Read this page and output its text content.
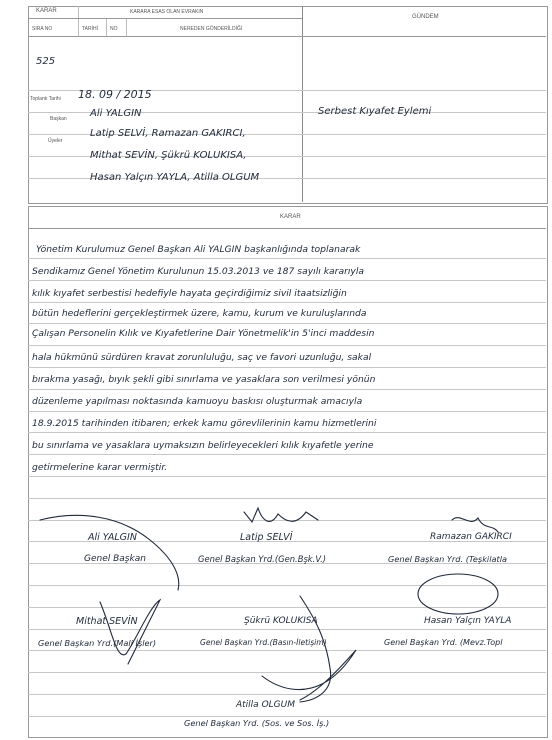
KARAR
SIRA NO
KARARA ESAS OLAN EVRAKIN
TARİHİ NO	NEREDEN GÖNDERİLDİĞİ
GÜNDEM
525
Toplantı Tarihi 18. 09 / 2015
Başkan Ali YALGIN
Üyeler
Latip SELVİ, Ramazan GAKIRCI,
Mithat SEVİN, Şükrü KOLUKISA,
Hasan Yalçın YAYLA, Atilla OLGUM
Serbest Kıyafet Eylemi
KARAR
Yönetim Kurulumuz Genel Başkan Ali YALGIN başkanlığında toplanarak
Sendikamız Genel Yönetim Kurulunun 15.03.2013 ve 187 sayılı kararıyla
kılık kıyafet serbestisi hedefiyle hayata geçirdiğimiz sivil itaatsizliğin
bütün hedeflerini gerçekleştirmek üzere, kamu, kurum ve kuruluşlarında
Çalışan Personelin Kılık ve Kıyafetlerine Dair Yönetmelik'in 5'inci maddesin
hala hükmünü sürdüren kravat zorunluluğu, saç ve favori uzunluğu, sakal
bırakma yasağı, bıyık şekli gibi sınırlama ve yasaklara son verilmesi yönün
düzenleme yapılması noktasında kamuoyu baskısı oluşturmak amacıyla
18.9.2015 tarihinden itibaren; erkek kamu görevlilerinin kamu hizmetlerini
bu sınırlama ve yasaklara uymaksızın belirleyecekleri kılık kıyafetle yerine
getirmelerine karar vermiştir.
Ali YALGIN
Genel Başkan
Latip SELVİ
Genel Başkan Yrd.(Gen.Bşk.V.)
Ramazan GAKIRCI
Genel Başkan Yrd. (Teşkilatla
Mithat SEVİN
Genel Başkan Yrd.(Mali İşler)
Şükrü KOLUKISA
Genel Başkan Yrd.(Basın-İletişim)
Hasan Yalçın YAYLA
Genel Başkan Yrd. (Mevz.Topl
Atilla OLGUM
Genel Başkan Yrd. (Sos. ve Sos. İş.)
